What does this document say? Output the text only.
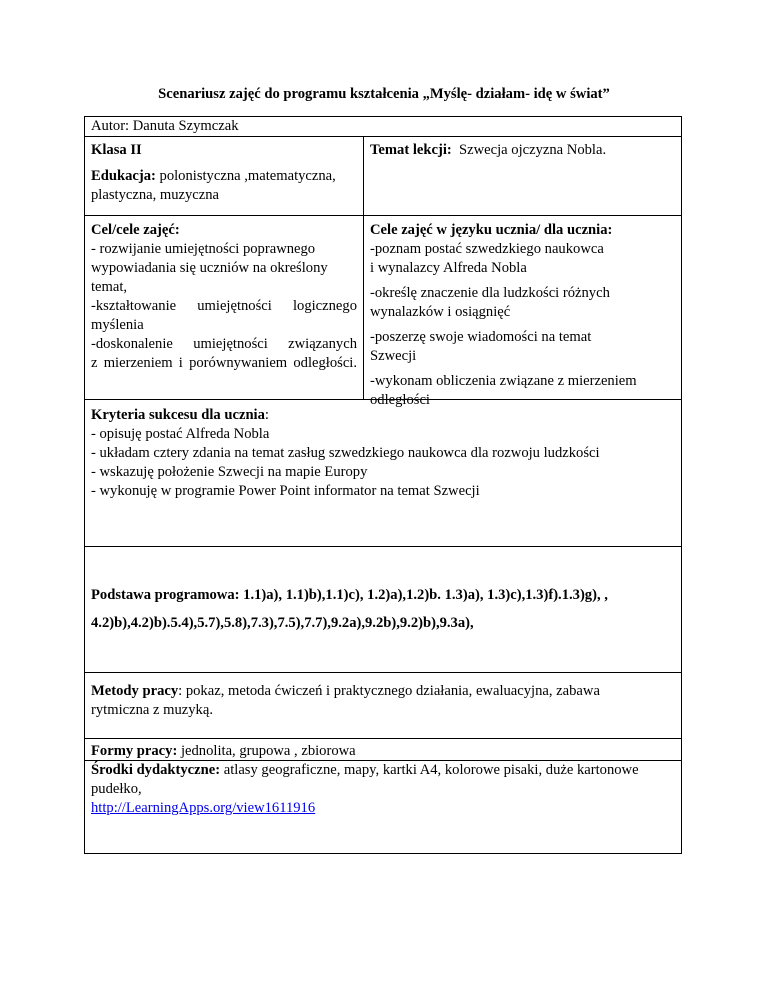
Scenariusz zajęć do programu kształcenia „Myślę- działam- idę w świat”

Autor: Danuta Szymczak

Klasa II
Edukacja: polonistyczna ,matematyczna,
plastyczna, muzyczna
Temat lekcji: Szwecja ojczyzna Nobla.
Cel/cele zajęć:
- rozwijanie umiejętności poprawnego
wypowiadania się uczniów na określony
temat,
-kształtowanie umiejętności logicznego
myślenia
-doskonalenie umiejętności związanych
z mierzeniem i porównywaniem odległości.
Cele zajęć w języku ucznia/ dla ucznia:
-poznam postać szwedzkiego naukowca
i wynalazcy Alfreda Nobla
-określę znaczenie dla ludzkości różnych
wynalazków i osiągnięć
-poszerzę swoje wiadomości na temat
Szwecji
-wykonam obliczenia związane z mierzeniem
odległości
Kryteria sukcesu dla ucznia:
- opisuję postać Alfreda Nobla
- układam cztery zdania na temat zasług szwedzkiego naukowca dla rozwoju ludzkości
- wskazuję położenie Szwecji na mapie Europy
- wykonuję w programie Power Point informator na temat Szwecji
Podstawa programowa: 1.1)a), 1.1)b),1.1)c), 1.2)a),1.2)b. 1.3)a), 1.3)c),1.3)f).1.3)g), ,
4.2)b),4.2)b).5.4),5.7),5.8),7.3),7.5),7.7),9.2a),9.2b),9.2)b),9.3a),
Metody pracy: pokaz, metoda ćwiczeń i praktycznego działania, ewaluacyjna, zabawa
rytmiczna z muzyką.
Formy pracy: jednolita, grupowa , zbiorowa
Środki dydaktyczne: atlasy geograficzne, mapy, kartki A4, kolorowe pisaki, duże kartonowe
pudełko,
http://LearningApps.org/view1611916
